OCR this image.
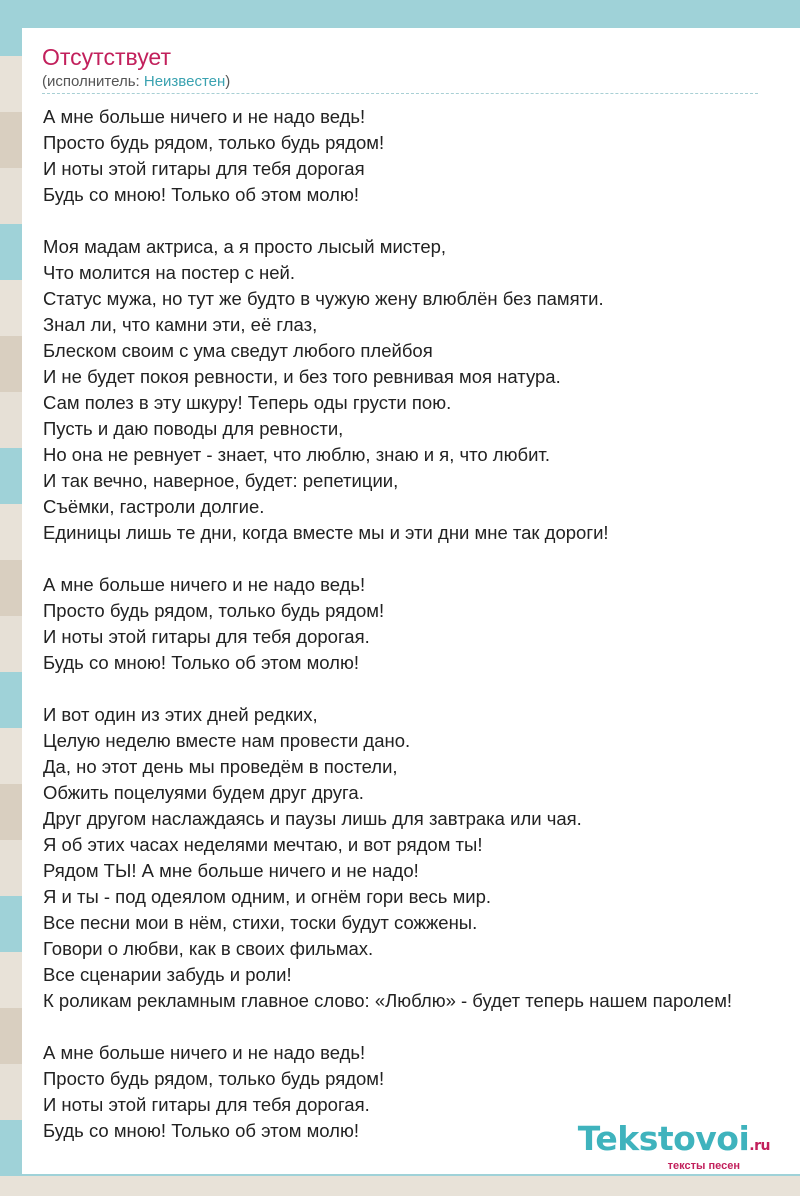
Отсутствует
(исполнитель: Неизвестен)
А мне больше ничего и не надо ведь!
Просто будь рядом, только будь рядом!
И ноты этой гитары для тебя дорогая
Будь со мною! Только об этом молю!
Моя мадам актриса, а я просто лысый мистер,
Что молится на постер с ней.
Статус мужа, но тут же будто в чужую жену влюблён без памяти.
Знал ли, что камни эти, её глаз,
Блеском своим с ума сведут любого плейбоя
И не будет покоя ревности, и без того ревнивая моя натура.
Сам полез в эту шкуру! Теперь оды грусти пою.
Пусть и даю поводы для ревности,
Но она не ревнует - знает, что люблю, знаю и я, что любит.
И так вечно, наверное, будет: репетиции,
Съёмки, гастроли долгие.
Единицы лишь те дни, когда вместе мы и эти дни мне так дороги!
А мне больше ничего и не надо ведь!
Просто будь рядом, только будь рядом!
И ноты этой гитары для тебя дорогая.
Будь со мною! Только об этом молю!
И вот один из этих дней редких,
Целую неделю вместе нам провести дано.
Да, но этот день мы проведём в постели,
Обжить поцелуями будем друг друга.
Друг другом наслаждаясь и паузы лишь для завтрака или чая.
Я об этих часах неделями мечтаю, и вот рядом ты!
Рядом ТЫ! А мне больше ничего и не надо!
Я и ты - под одеялом одним, и огнём гори весь мир.
Все песни мои в нём, стихи, тоски будут сожжены.
Говори о любви, как в своих фильмах.
Все сценарии забудь и роли!
К роликам рекламным главное слово: «Люблю» - будет теперь нашем паролем!
А мне больше ничего и не надо ведь!
Просто будь рядом, только будь рядом!
И ноты этой гитары для тебя дорогая.
Будь со мною! Только об этом молю!	Tekstovoi.ru
тексты песен
